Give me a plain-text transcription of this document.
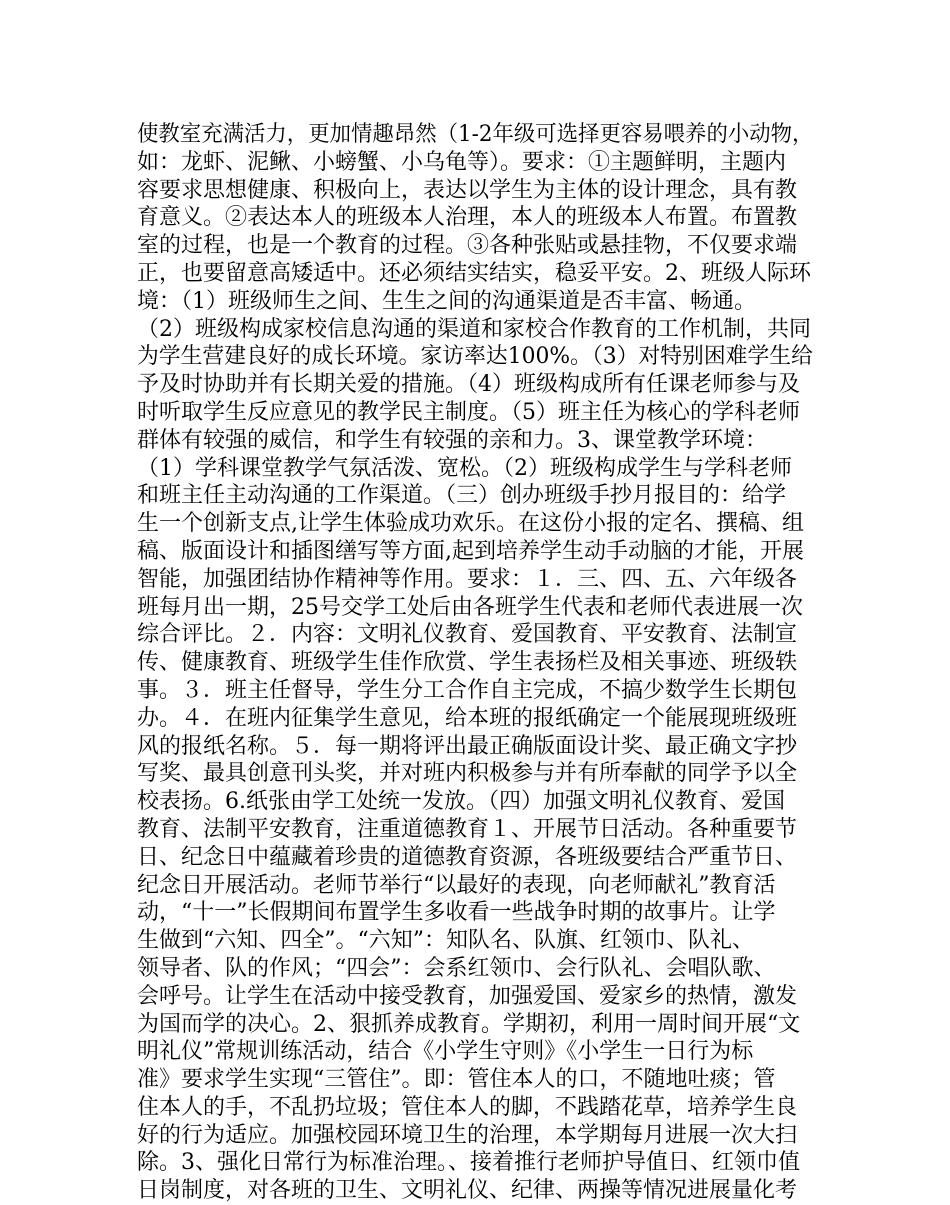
使教室充满活力，更加情趣昂然（1-2年级可选择更容易喂养的小动物，
如：龙虾、泥鳅、小螃蟹、小乌龟等）。要求：①主题鲜明，主题内
容要求思想健康、积极向上，表达以学生为主体的设计理念，具有教
育意义。②表达本人的班级本人治理，本人的班级本人布置。布置教
室的过程，也是一个教育的过程。③各种张贴或悬挂物，不仅要求端
正，也要留意高矮适中。还必须结实结实，稳妥平安。2、班级人际环
境：（1）班级师生之间、生生之间的沟通渠道是否丰富、畅通。
（2）班级构成家校信息沟通的渠道和家校合作教育的工作机制，共同
为学生营建良好的成长环境。家访率达100%。（3）对特别困难学生给
予及时协助并有长期关爱的措施。（4）班级构成所有任课老师参与及
时听取学生反应意见的教学民主制度。（5）班主任为核心的学科老师
群体有较强的威信，和学生有较强的亲和力。3、课堂教学环境：
（1）学科课堂教学气氛活泼、宽松。（2）班级构成学生与学科老师
和班主任主动沟通的工作渠道。（三）创办班级手抄月报目的：给学
生一个创新支点,让学生体验成功欢乐。在这份小报的定名、撰稿、组
稿、版面设计和插图缮写等方面,起到培养学生动手动脑的才能，开展
智能，加强团结协作精神等作用。要求：１．三、四、五、六年级各
班每月出一期，25号交学工处后由各班学生代表和老师代表进展一次
综合评比。２．内容：文明礼仪教育、爱国教育、平安教育、法制宣
传、健康教育、班级学生佳作欣赏、学生表扬栏及相关事迹、班级轶
事。３．班主任督导，学生分工合作自主完成，不搞少数学生长期包
办。４．在班内征集学生意见，给本班的报纸确定一个能展现班级班
风的报纸名称。５．每一期将评出最正确版面设计奖、最正确文字抄
写奖、最具创意刊头奖，并对班内积极参与并有所奉献的同学予以全
校表扬。6.纸张由学工处统一发放。（四）加强文明礼仪教育、爱国
教育、法制平安教育，注重道德教育１、开展节日活动。各种重要节
日、纪念日中蕴藏着珍贵的道德教育资源，各班级要结合严重节日、
纪念日开展活动。老师节举行“以最好的表现，向老师献礼”教育活
动，“十一”长假期间布置学生多收看一些战争时期的故事片。让学
生做到“六知、四全”。“六知”：知队名、队旗、红领巾、队礼、
领导者、队的作风；“四会”：会系红领巾、会行队礼、会唱队歌、
会呼号。让学生在活动中接受教育，加强爱国、爱家乡的热情，激发
为国而学的决心。2、狠抓养成教育。学期初，利用一周时间开展“文
明礼仪”常规训练活动，结合《小学生守则》《小学生一日行为标
准》要求学生实现“三管住”。即：管住本人的口，不随地吐痰；管
住本人的手，不乱扔垃圾；管住本人的脚，不践踏花草，培养学生良
好的行为适应。加强校园环境卫生的治理，本学期每月进展一次大扫
除。3、强化日常行为标准治理。、接着推行老师护导值日、红领巾值
日岗制度，对各班的卫生、文明礼仪、纪律、两操等情况进展量化考
